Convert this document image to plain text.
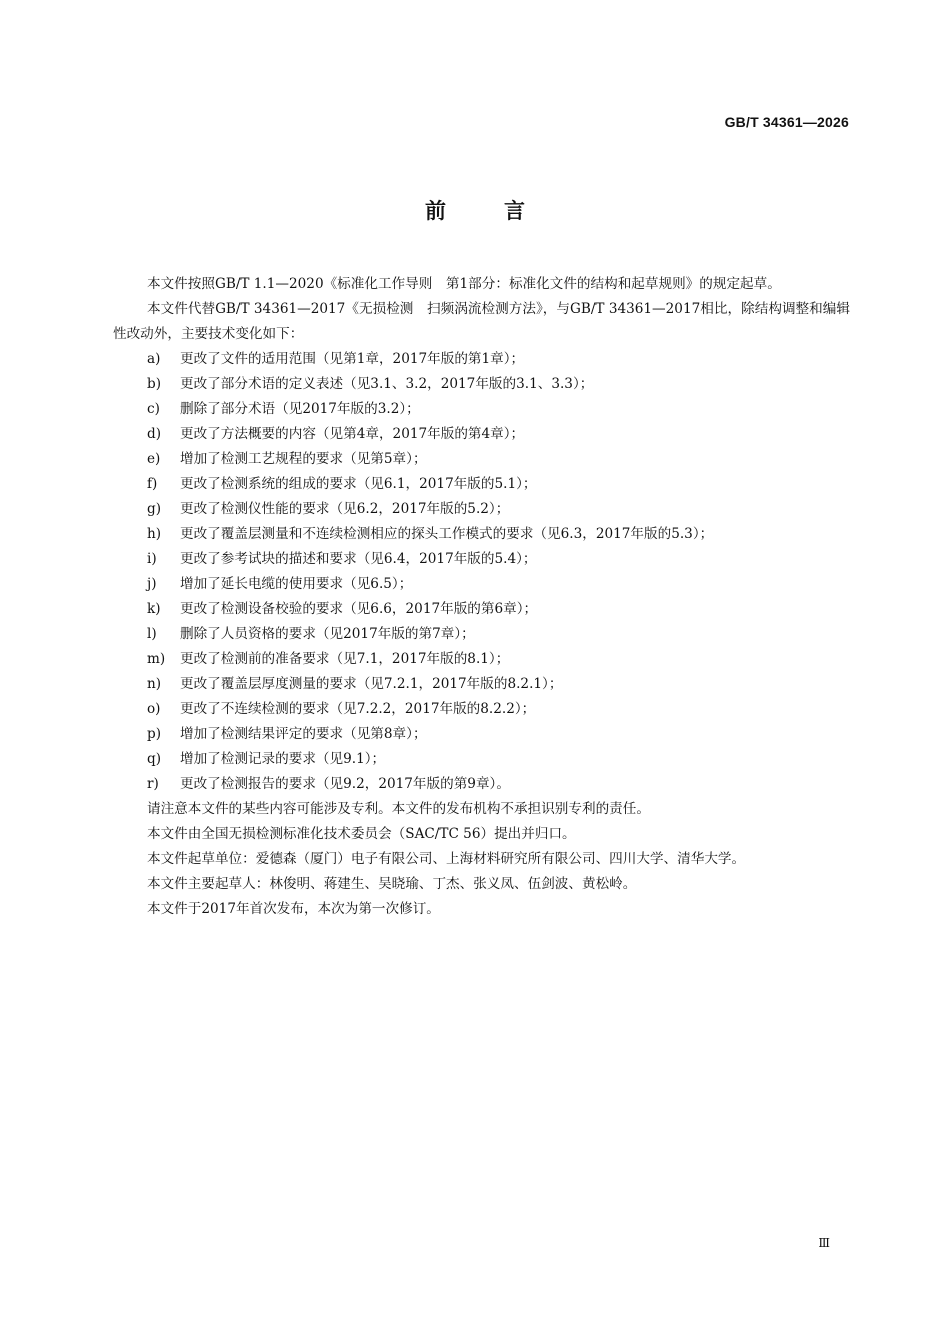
GB/T 34361—2026
前言

本文件按照GB/T 1.1—2020《标准化工作导则　第1部分：标准化文件的结构和起草规则》的规定起草。

本文件代替GB/T 34361—2017《无损检测　扫频涡流检测方法》，与GB/T 34361—2017相比，除结构调整和编辑性改动外，主要技术变化如下：

a)	更改了文件的适用范围（见第1章，2017年版的第1章）；
b)	更改了部分术语的定义表述（见3.1、3.2，2017年版的3.1、3.3）；
c)	删除了部分术语（见2017年版的3.2）；
d)	更改了方法概要的内容（见第4章，2017年版的第4章）；
e)	增加了检测工艺规程的要求（见第5章）；
f)	更改了检测系统的组成的要求（见6.1，2017年版的5.1）；
g)	更改了检测仪性能的要求（见6.2，2017年版的5.2）；
h)	更改了覆盖层测量和不连续检测相应的探头工作模式的要求（见6.3，2017年版的5.3）；
i)	更改了参考试块的描述和要求（见6.4，2017年版的5.4）；
j)	增加了延长电缆的使用要求（见6.5）；
k)	更改了检测设备校验的要求（见6.6，2017年版的第6章）；
l)	删除了人员资格的要求（见2017年版的第7章）；
m)	更改了检测前的准备要求（见7.1，2017年版的8.1）；
n)	更改了覆盖层厚度测量的要求（见7.2.1，2017年版的8.2.1）；
o)	更改了不连续检测的要求（见7.2.2，2017年版的8.2.2）；
p)	增加了检测结果评定的要求（见第8章）；
q)	增加了检测记录的要求（见9.1）；
r)	更改了检测报告的要求（见9.2，2017年版的第9章）。

请注意本文件的某些内容可能涉及专利。本文件的发布机构不承担识别专利的责任。

本文件由全国无损检测标准化技术委员会（SAC/TC 56）提出并归口。

本文件起草单位：爱德森（厦门）电子有限公司、上海材料研究所有限公司、四川大学、清华大学。

本文件主要起草人：林俊明、蒋建生、吴晓瑜、丁杰、张义凤、伍剑波、黄松岭。

本文件于2017年首次发布，本次为第一次修订。

Ⅲ
